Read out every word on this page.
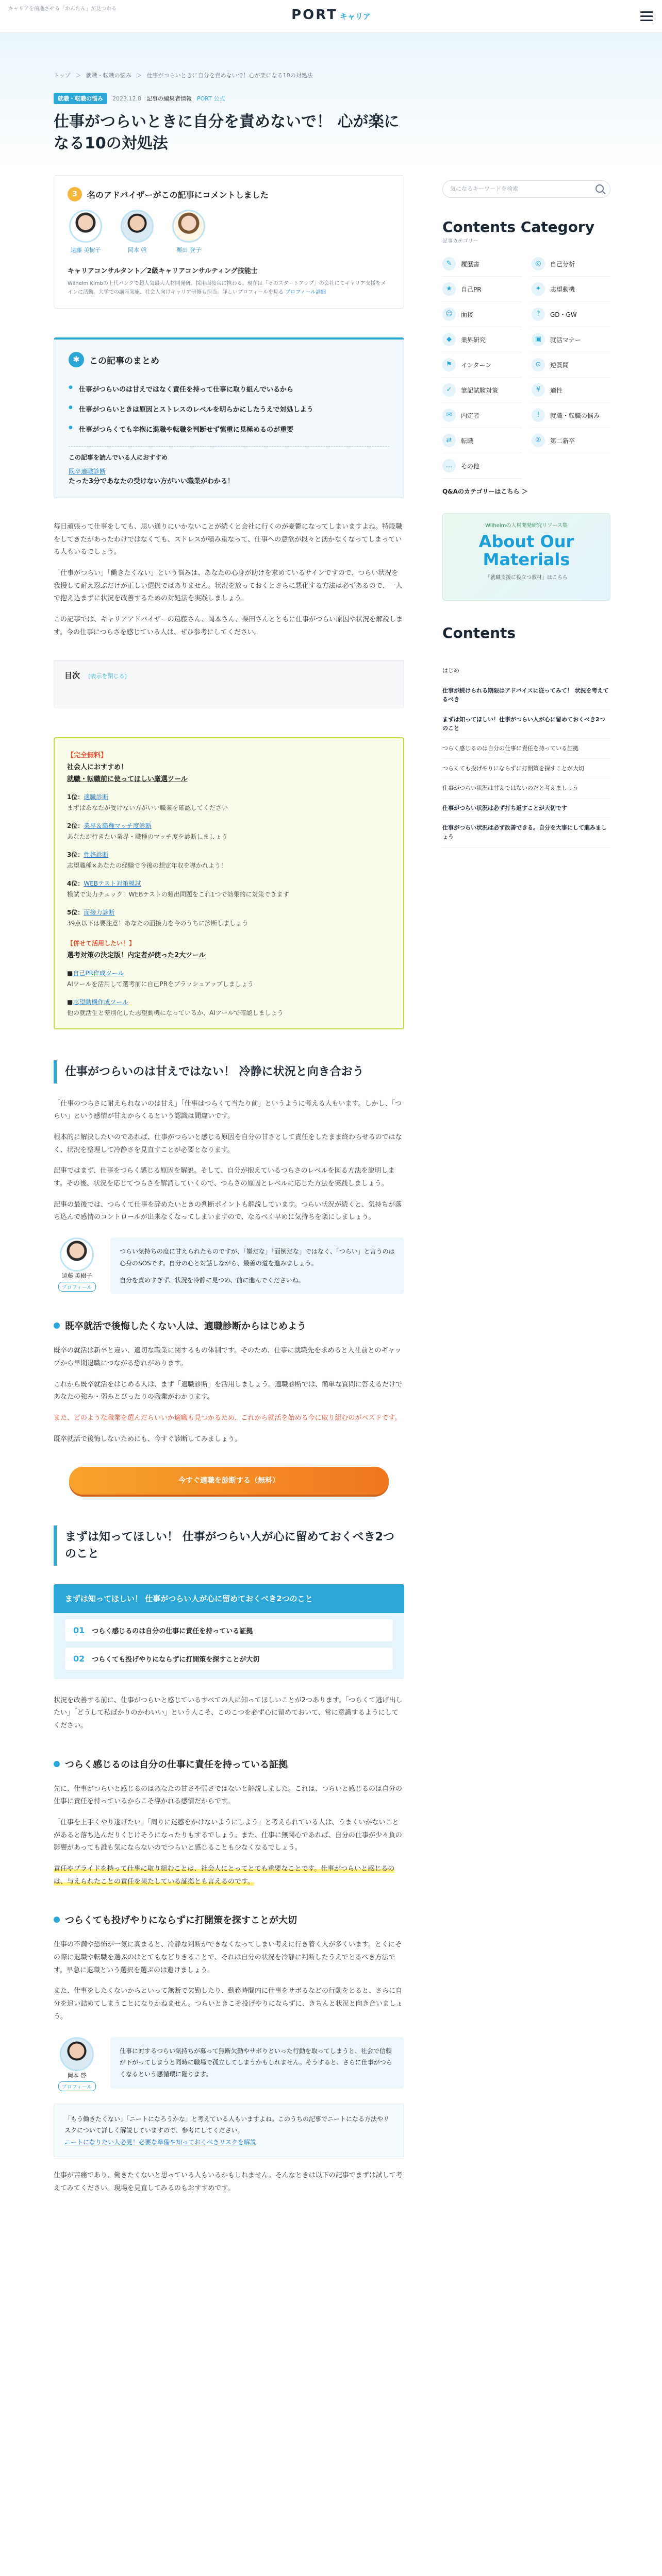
キャリアを前進させる「かんたん」が見つかる	PORT キャリア
トップ ＞ 就職・転職の悩み ＞ 仕事がつらいときに自分を責めないで！心が楽になる10の対処法
就職・転職の悩み	2023.12.8 記事の編集者情報 PORT 公式
仕事がつらいときに自分を責めないで！ 心が楽になる10の対処法
3	名のアドバイザーがこの記事にコメントしました
遠藤 美樹子	岡本 啓	栗田 登子
キャリアコンサルタント／2級キャリアコンサルティング技能士
Wilhelm Kimbの上代パンクで超人気最大人材開発研。採用面接官に携わる。現在は「そのスタートアップ」の会社にてキャリア支援をメインに活動。大学での講座実施、社会人向けキャリア研修も担当。詳しいプロフィールを見る プロフィール詳細
✱	この記事のまとめ
● 仕事がつらいのは甘えではなく責任を持って仕事に取り組んでいるから
● 仕事がつらいときは原因とストレスのレベルを明らかにしたうえで対処しよう
● 仕事がつらくても辛抱に退職や転職を判断せず慎重に見極めるのが重要
この記事を読んでいる人におすすめ
既卒適職診断
たった3分であなたの受けない方がいい職業がわかる！

毎日頑張って仕事をしても、思い通りにいかないことが続くと会社に行くのが憂鬱になってしまいますよね。特段職をしてきたがあったわけではなくても、ストレスが積み重なって、仕事への意欲が段々と湧かなくなってしまっている人もいるでしょう。

「仕事がつらい」「働きたくない」という悩みは、あなたの心身が助けを求めているサインですので、つらい状況を我慢して耐え忍ぶだけが正しい選択ではありません。状況を放っておくとさらに悪化する方法は必ずあるので、一人で抱え込まずに状況を改善するための対処法を実践しましょう。

この記事では、キャリアアドバイザーの遠藤さん、岡本さん、栗田さんとともに仕事がつらい原因や状況を解説します。今の仕事につらさを感じている人は、ぜひ参考にしてください。

目次 [表示を閉じる]
【完全無料】
社会人におすすめ！
就職・転職前に使ってほしい厳選ツール
1位：適職診断
まずはあなたが受けない方がいい職業を確認してください
2位：業界＆職種マッチ度診断
あなたが行きたい業界・職種のマッチ度を診断しましょう
3位：性格診断
志望職種×あなたの経験で今後の想定年収を導かれよう！
4位：WEBテスト対策模試
模試で実力チェック！WEBテストの頻出問題をこれ1つで効果的に対策できます
5位：面接力診断
39点以下は要注意！あなたの面接力を今のうちに診断しましょう
【併せて活用したい！】
選考対策の決定版！内定者が使った2大ツール
■自己PR作成ツール
AIツールを活用して選考前に自己PRをブラッシュアップしましょう
■志望動機作成ツール
他の就活生と差別化した志望動機になっているか、AIツールで確認しましょう
仕事がつらいのは甘えではない！ 冷静に状況と向き合おう

「仕事のつらさに耐えられないのは甘え」「仕事はつらくて当たり前」というように考える人もいます。しかし、「つらい」という感情が甘えからくるという認識は間違いです。

根本的に解決したいのであれば、仕事がつらいと感じる原因を自分の甘さとして責任をしたまま終わらせるのではなく、状況を整理して冷静さを見直すことが必要となります。

記事ではまず、仕事をつらく感じる原因を解説。そして、自分が抱えているつらさのレベルを図る方法を説明します。その後、状況を応じてつらさを解消していくので、つらさの原因とレベルに応じた方法を実践しましょう。

記事の最後では、つらくて仕事を辞めたいときの判断ポイントも解説しています。つらい状況が続くと、気持ちが落ち込んで感情のコントロールが出来なくなってしまいますので、なるべく早めに気持ちを楽にしましょう。

遠藤 美樹子
プロフィール
つらい気持ちの度に甘えられたものですが、「嫌だな」「面倒だな」ではなく、「つらい」と言うのは心身のSOSです。自分の心と対話しながら、最善の道を進みましょう。
自分を責めすぎず、状況を冷静に見つめ、前に進んでくださいね。
既卒就活で後悔したくない人は、適職診断からはじめよう

既卒の就活は新卒と違い、適切な職業に関するもの体制です。そのため、仕事に就職先を求めると入社前とのギャップから早期退職につながる恐れがあります。

これから既卒就活をはじめる人は、まず「適職診断」を活用しましょう。適職診断では、簡単な質問に答えるだけであなたの強み・弱みとぴったりの職業がわかります。

また、どのような職業を選んだらいいか適職も見つかるため、これから就活を始める今に取り組むのがベストです。

既卒就活で後悔しないためにも、今すぐ診断してみましょう。

今すぐ適職を診断する（無料）
まずは知ってほしい！ 仕事がつらい人が心に留めておくべき2つのこと
まずは知ってほしい！ 仕事がつらい人が心に留めておくべき2つのこと
01 つらく感じるのは自分の仕事に責任を持っている証拠
02 つらくても投げやりにならずに打開策を探すことが大切

状況を改善する前に、仕事がつらいと感じているすべての人に知ってほしいことが2つあります。「つらくて逃げ出したい」「どうして私ばかりのかわいい」という人こそ、このこつを必ず心に留めておいて、常に意識するようにしてください。

つらく感じるのは自分の仕事に責任を持っている証拠

先に、仕事がつらいと感じるのはあなたの甘さや弱さではないと解説しました。これは、つらいと感じるのは自分の仕事に責任を持っているからこそ導かれる感情だからです。

「仕事を上手くやり遂げたい」「周りに迷惑をかけないようにしよう」と考えられている人は、うまくいかないことがあると落ち込んだりくじけそうになったりもするでしょう。また、仕事に無関心であれば、自分の仕事が少々負の影響があっても誰も気にならないのでつらいと感じることも少なくなるでしょう。

責任やプライドを持って仕事に取り組むことは、社会人にとってとても重要なことです。仕事がつらいと感じるのは、与えられたことの責任を果たしている証拠とも言えるのです。

つらくても投げやりにならずに打開策を探すことが大切

仕事の不満や恐怖が一気に高まると、冷静な判断ができなくなってしまい考えに行き着く人が多くいます。とくにその際に退職や転職を選ぶのはとてもなどりきることで、それは自分の状況を冷静に判断したうえでとるべき方法です。早急に退職という選択を選ぶのは避けましょう。

また、仕事をしたくないからといって無断で欠勤したり、勤務時間内に仕事をサボるなどの行動をとると、さらに自分を追い詰めてしまうことになりかねません。つらいときこそ投げやりにならずに、きちんと状況と向き合いましょう。

岡本 啓
プロフィール
仕事に対するつらい気持ちが募って無断欠勤やサボりといった行動を取ってしまうと、社会で信頼が下がってしまうと同時に職場で孤立してしまうかもしれません。そうすると、さらに仕事がつらくなるという悪循環に陥ります。
「もう働きたくない」「ニートになろうかな」と考えている人もいますよね。このうちの記事でニートになる方法やリスクについて詳しく解説していますので、参考にしてください。
ニートになりたい人必見！必要な準備や知っておくべきリスクを解説

仕事が苦痛であり、働きたくないと思っている人もいるかもしれません。そんなときは以下の記事でまずは試して考えてみてください。現場を見直してみるのもおすすめです。

気になるキーワードを検索
Contents Category
記事カテゴリー
✎	履歴書	◎	自己分析
★	自己PR	✦	志望動機
☺	面接	?	GD・GW
◆	業界研究	▣	就活マナー
⚑	インターン	⊙	逆質問
✓	筆記試験対策	¥	適性
✉	内定者	!	就職・転職の悩み
⇄	転職	②	第二新卒
…	その他
Q&Aのカテゴリーはこちら ＞
Wilhelmの人材開発研究リソース集
About Our Materials
「就職支援に役立つ教材」はこちら
Contents
はじめ
仕事が続けられる期限はアドバイスに従ってみて！ 状況を考えてるべき
まずは知ってほしい！仕事がつらい人が心に留めておくべき2つのこと
つらく感じるのは自分の仕事に責任を持っている証拠
つらくても投げやりにならずに打開策を探すことが大切
仕事がつらい状況は甘えではないのだと考えましょう
仕事がつらい状況は必ず打ち返すことが大切です
仕事がつらい状況は必ず改善できる。自分を大事にして進みましょう
